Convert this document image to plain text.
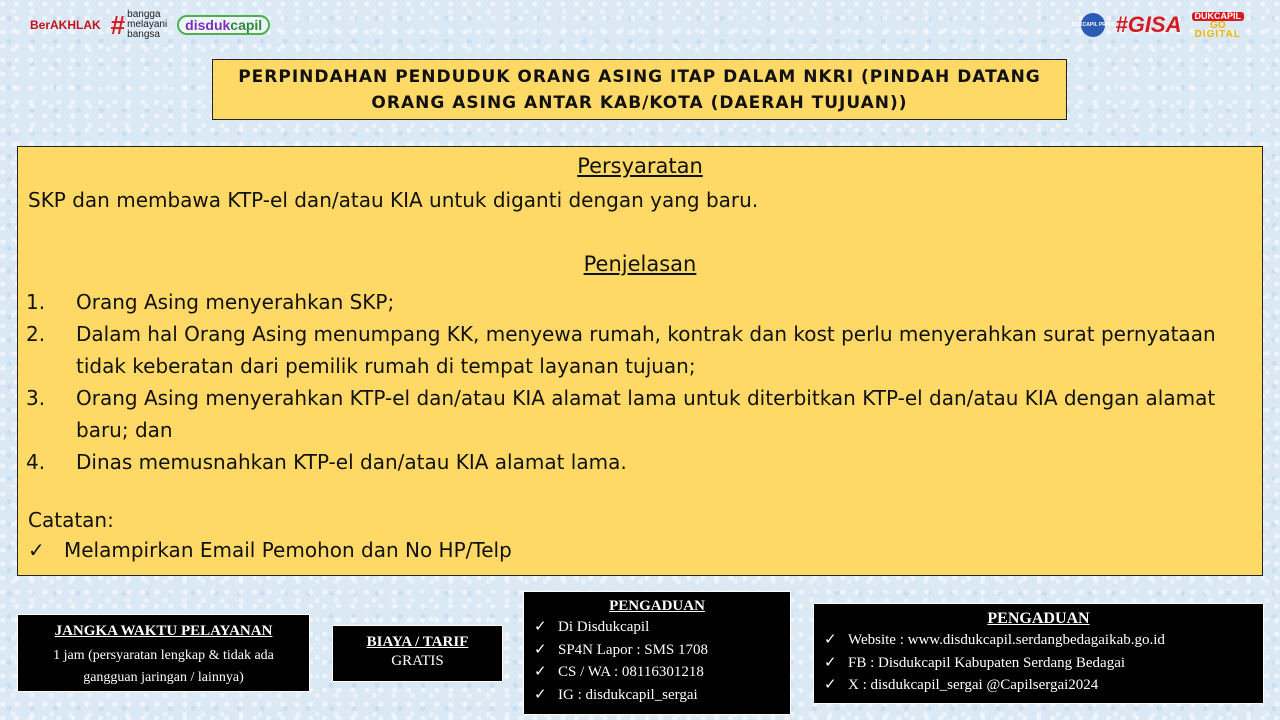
BerAKHLAK # bangga
melayani
bangsa
disduk capil	DUKCAPIL PRIMA #GISA	DUKCAPIL
GO
DIGITAL
PERPINDAHAN PENDUDUK ORANG ASING ITAP DALAM NKRI (PINDAH DATANG ORANG ASING ANTAR KAB/KOTA (DAERAH TUJUAN))
Persyaratan
SKP dan membawa KTP-el dan/atau KIA untuk diganti dengan yang baru.
Penjelasan
1.	Orang Asing menyerahkan SKP;
2.	Dalam hal Orang Asing menumpang KK, menyewa rumah, kontrak dan kost perlu menyerahkan surat pernyataan tidak keberatan dari pemilik rumah di tempat layanan tujuan;
3.	Orang Asing menyerahkan KTP-el dan/atau KIA alamat lama untuk diterbitkan KTP-el dan/atau KIA dengan alamat baru; dan
4.	Dinas memusnahkan KTP-el dan/atau KIA alamat lama.
Catatan:
✓ Melampirkan Email Pemohon dan No HP/Telp
JANGKA WAKTU PELAYANAN
1 jam (persyaratan lengkap & tidak ada gangguan jaringan / lainnya)
BIAYA / TARIF
GRATIS
PENGADUAN
✓ Di Disdukcapil
✓ SP4N Lapor : SMS 1708
✓ CS / WA : 08116301218
✓ IG : disdukcapil_sergai
PENGADUAN
✓ Website : www.disdukcapil.serdangbedagaikab.go.id
✓ FB : Disdukcapil Kabupaten Serdang Bedagai
✓ X : disdukcapil_sergai @Capilsergai2024
